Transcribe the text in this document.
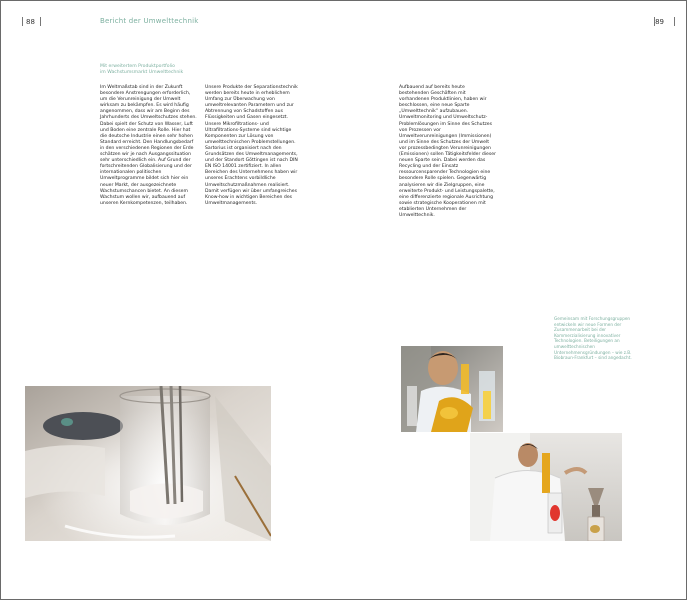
88	Bericht der Umwelttechnik	89
Mit erweitertem Produktportfolio
im Wachstumsmarkt Umwelttechnik
Im Weltmaßstab sind in der Zukunft besondere Anstrengungen erforderlich, um die Verunreinigung der Umwelt wirksam zu bekämpfen. Es wird häufig angenommen, dass wir am Beginn des Jahrhunderts des Umweltschutzes stehen. Dabei spielt der Schutz von Wasser, Luft und Boden eine zentrale Rolle. Hier hat die deutsche Industrie einen sehr hohen Standard erreicht. Den Handlungsbedarf in den verschiedenen Regionen der Erde schätzen wir je nach Ausgangssituation sehr unterschiedlich ein. Auf Grund der fortschreitenden Globalisierung und der internationalen politischen Umweltprogramme bildet sich hier ein neuer Markt, der ausgezeichnete Wachstumschancen bietet. An diesem Wachstum wollen wir, aufbauend auf unseren Kernkompetenzen, teilhaben.
Unsere Produkte der Separationstechnik werden bereits heute in erheblichem Umfang zur Überwachung von umweltrelevanten Parametern und zur Abtrennung von Schadstoffen aus Flüssigkeiten und Gasen eingesetzt. Unsere Mikrofiltrations- und Ultrafiltrations-Systeme sind wichtige Komponenten zur Lösung von umwelttechnischen Problemstellungen. Sartorius ist organisiert nach den Grundsätzen des Umweltmanagements, und der Standort Göttingen ist nach DIN EN ISO 14001 zertifiziert. In allen Bereichen des Unternehmens haben wir unseres Erachtens vorbildliche Umweltschutzmaßnahmen realisiert. Damit verfügen wir über umfangreiches Know-how in wichtigen Bereichen des Umweltmanagements.
Aufbauend auf bereits heute bestehenden Geschäften mit vorhandenen Produktlinien, haben wir beschlossen, eine neue Sparte „Umwelttechnik“ aufzubauen. Umweltmonitoring und Umweltschutz-Problemlösungen im Sinne des Schutzes von Prozessen vor Umweltverunreinigungen (Immissionen) und im Sinne des Schutzes der Umwelt vor prozessbedingten Verunreinigungen (Emissionen) sollen Tätigkeitsfelder dieser neuen Sparte sein. Dabei werden das Recycling und der Einsatz ressourcensparender Technologien eine besondere Rolle spielen. Gegenwärtig analysieren wir die Zielgruppen, eine erweiterte Produkt- und Leistungspalette, eine differenzierte regionale Ausrichtung sowie strategische Kooperationen mit etablierten Unternehmen der Umwelttechnik.
Gemeinsam mit Forschungsgruppen entwickeln wir neue Formen der Zusammenarbeit bei der Kommerzialisierung innovativer Technologien. Beteiligungen an umwelttechnischen Unternehmensgründungen – wie z.B. Biobraun-Frankfurt – sind angedacht.
